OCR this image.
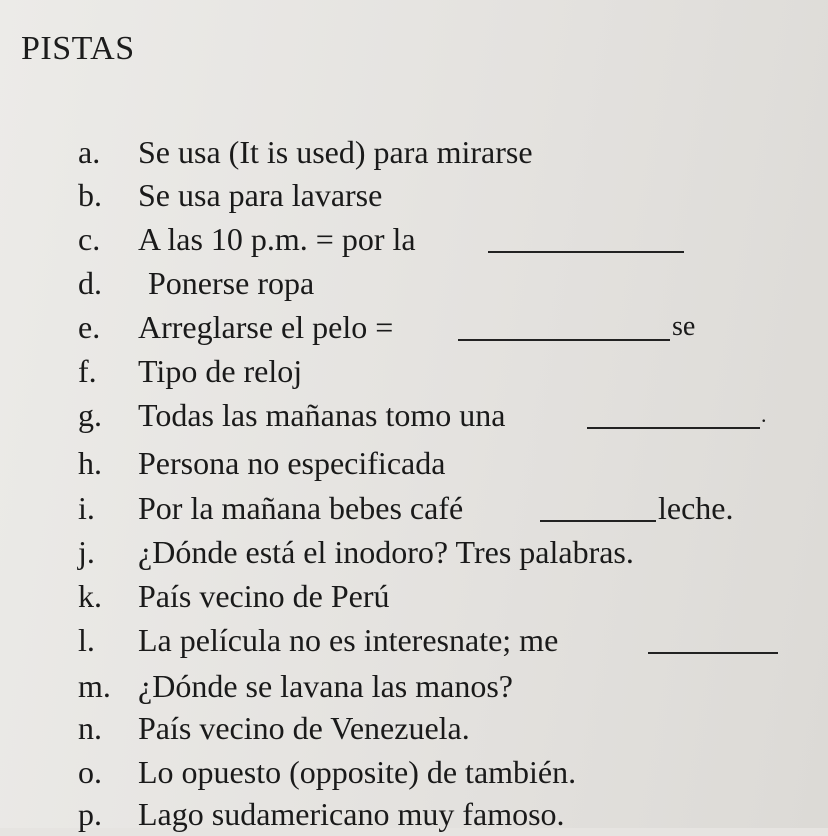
PISTAS
a. Se usa (It is used) para mirarse
b. Se usa para lavarse
c. A las 10 p.m. = por la
d. Ponerse ropa
e. Arreglarse el pelo =	se
f. Tipo de reloj
g. Todas las mañanas tomo una	.
h. Persona no especificada
i. Por la mañana bebes café	leche.
j. ¿Dónde está el inodoro? Tres palabras.
k. País vecino de Perú
l. La película no es interesnate; me
m. ¿Dónde se lavana las manos?
n. País vecino de Venezuela.
o. Lo opuesto (opposite) de también.
p. Lago sudamericano muy famoso.
